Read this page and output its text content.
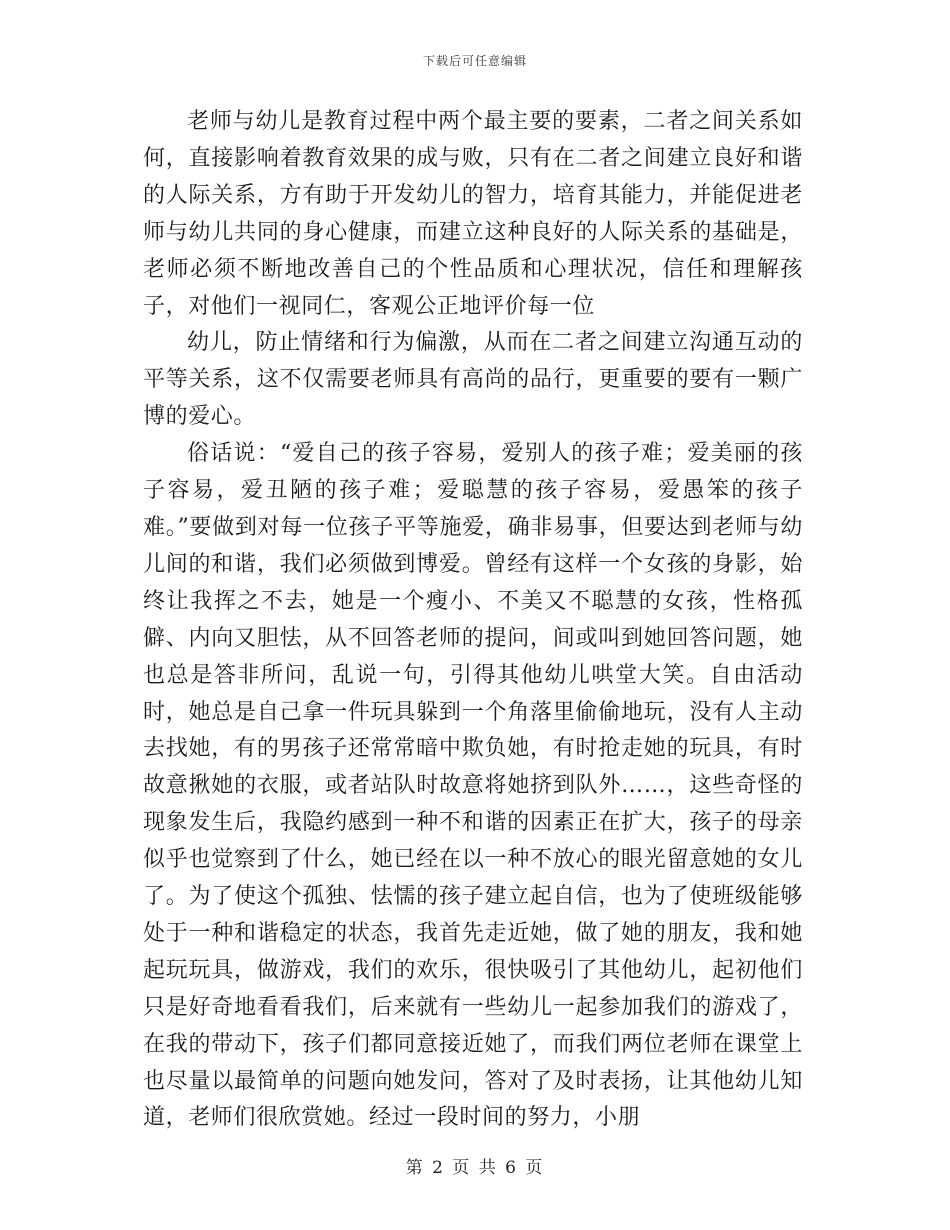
下载后可任意编辑

老师与幼儿是教育过程中两个最主要的要素，二者之间关系如何，直接影响着教育效果的成与败，只有在二者之间建立良好和谐的人际关系，方有助于开发幼儿的智力，培育其能力，并能促进老师与幼儿共同的身心健康，而建立这种良好的人际关系的基础是，老师必须不断地改善自己的个性品质和心理状况，信任和理解孩子，对他们一视同仁，客观公正地评价每一位

幼儿，防止情绪和行为偏激，从而在二者之间建立沟通互动的平等关系，这不仅需要老师具有高尚的品行，更重要的要有一颗广博的爱心。

俗话说：“爱自己的孩子容易，爱别人的孩子难；爱美丽的孩子容易，爱丑陋的孩子难；爱聪慧的孩子容易，爱愚笨的孩子难。”要做到对每一位孩子平等施爱，确非易事，但要达到老师与幼儿间的和谐，我们必须做到博爱。曾经有这样一个女孩的身影，始终让我挥之不去，她是一个瘦小、不美又不聪慧的女孩，性格孤僻、内向又胆怯，从不回答老师的提问，间或叫到她回答问题，她也总是答非所问，乱说一句，引得其他幼儿哄堂大笑。自由活动时，她总是自己拿一件玩具躲到一个角落里偷偷地玩，没有人主动去找她，有的男孩子还常常暗中欺负她，有时抢走她的玩具，有时故意揪她的衣服，或者站队时故意将她挤到队外……，这些奇怪的现象发生后，我隐约感到一种不和谐的因素正在扩大，孩子的母亲似乎也觉察到了什么，她已经在以一种不放心的眼光留意她的女儿了。为了使这个孤独、怯懦的孩子建立起自信，也为了使班级能够处于一种和谐稳定的状态，我首先走近她，做了她的朋友，我和她起玩玩具，做游戏，我们的欢乐，很快吸引了其他幼儿，起初他们只是好奇地看看我们，后来就有一些幼儿一起参加我们的游戏了，在我的带动下，孩子们都同意接近她了，而我们两位老师在课堂上也尽量以最简单的问题向她发问，答对了及时表扬，让其他幼儿知道，老师们很欣赏她。经过一段时间的努力，小朋

第 2 页 共 6 页
